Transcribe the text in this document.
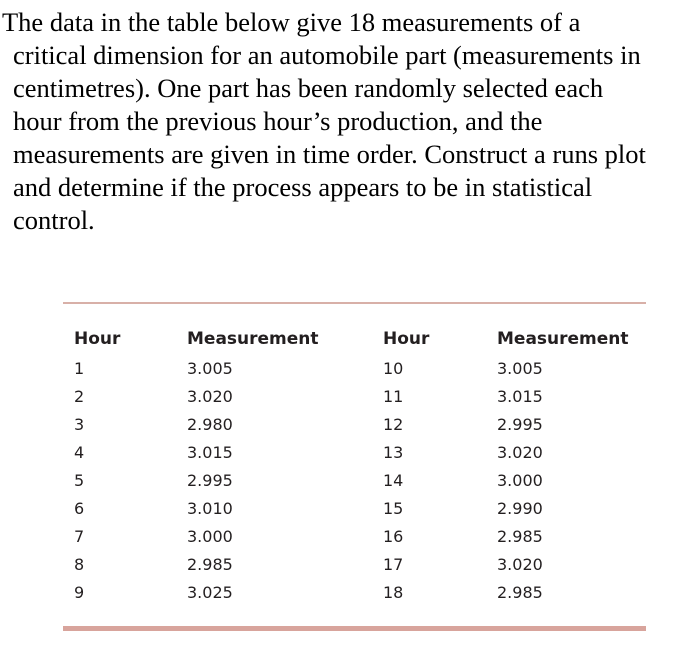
The data in the table below give 18 measurements of a
critical dimension for an automobile part (measurements in
centimetres). One part has been randomly selected each
hour from the previous hour’s production, and the
measurements are given in time order. Construct a runs plot
and determine if the process appears to be in statistical
control.
Hour	Measurement	Hour	Measurement
1	3.005	10	3.005
2	3.020	11	3.015
3	2.980	12	2.995
4	3.015	13	3.020
5	2.995	14	3.000
6	3.010	15	2.990
7	3.000	16	2.985
8	2.985	17	3.020
9	3.025	18	2.985
